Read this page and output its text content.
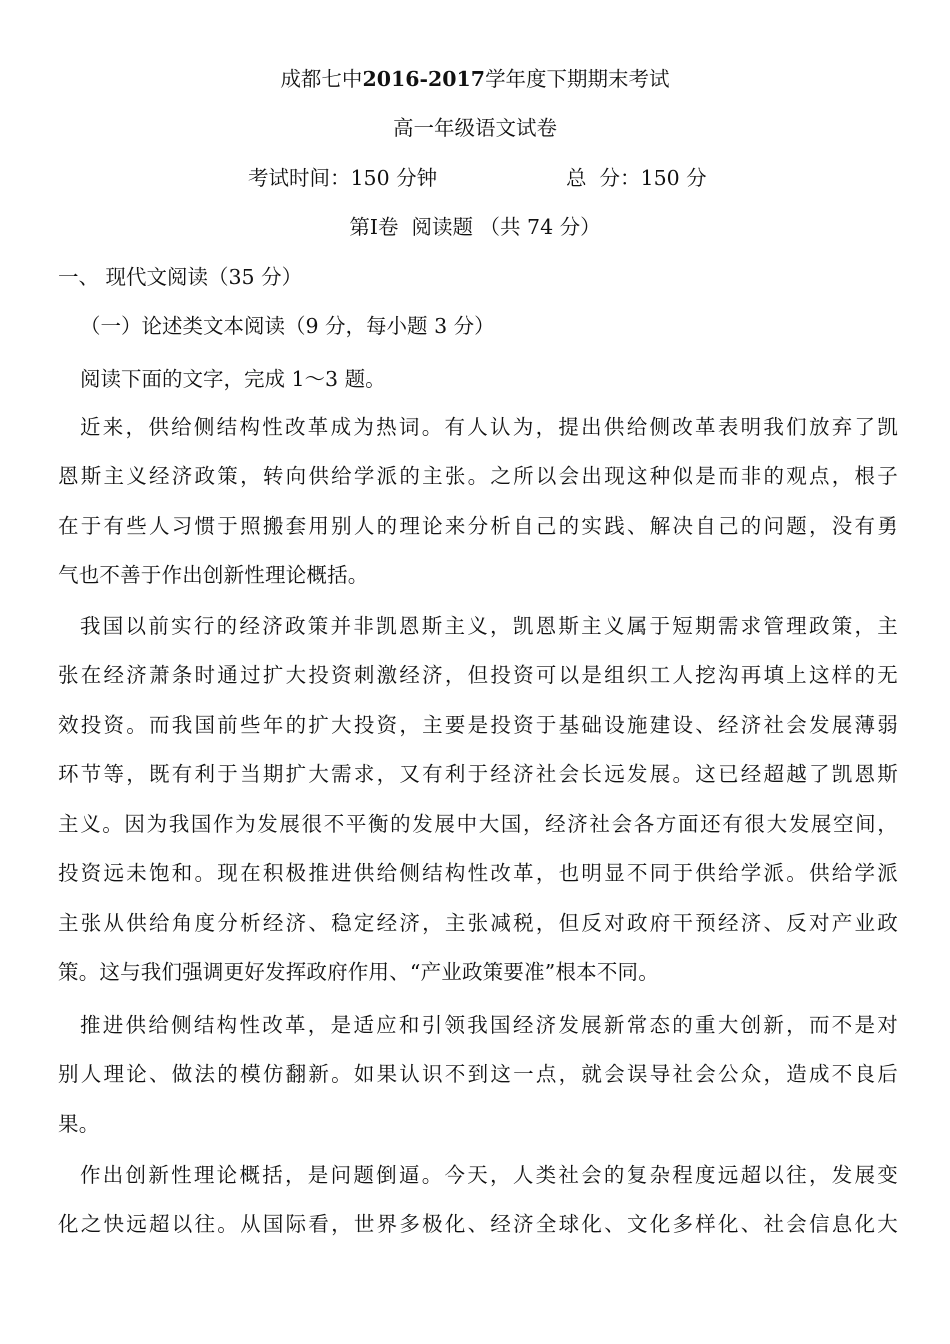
成都七中2016-2017学年度下期期末考试
高一年级语文试卷
考试时间：150 分钟	总  分：150 分
第Ⅰ卷  阅读题 （共 74 分）
一、 现代文阅读（35 分）
（一）论述类文本阅读（9 分，每小题 3 分）
阅读下面的文字，完成 1～3 题。
近来，供给侧结构性改革成为热词。有人认为，提出供给侧改革表明我们放弃了凯
恩斯主义经济政策，转向供给学派的主张。之所以会出现这种似是而非的观点，根子
在于有些人习惯于照搬套用别人的理论来分析自己的实践、解决自己的问题，没有勇
气也不善于作出创新性理论概括。
我国以前实行的经济政策并非凯恩斯主义，凯恩斯主义属于短期需求管理政策，主
张在经济萧条时通过扩大投资刺激经济，但投资可以是组织工人挖沟再填上这样的无
效投资。而我国前些年的扩大投资，主要是投资于基础设施建设、经济社会发展薄弱
环节等，既有利于当期扩大需求，又有利于经济社会长远发展。这已经超越了凯恩斯
主义。因为我国作为发展很不平衡的发展中大国，经济社会各方面还有很大发展空间，
投资远未饱和。现在积极推进供给侧结构性改革，也明显不同于供给学派。供给学派
主张从供给角度分析经济、稳定经济，主张减税，但反对政府干预经济、反对产业政
策。这与我们强调更好发挥政府作用、“产业政策要准”根本不同。
推进供给侧结构性改革，是适应和引领我国经济发展新常态的重大创新，而不是对
别人理论、做法的模仿翻新。如果认识不到这一点，就会误导社会公众，造成不良后
果。
作出创新性理论概括，是问题倒逼。今天，人类社会的复杂程度远超以往，发展变
化之快远超以往。从国际看，世界多极化、经济全球化、文化多样化、社会信息化大
